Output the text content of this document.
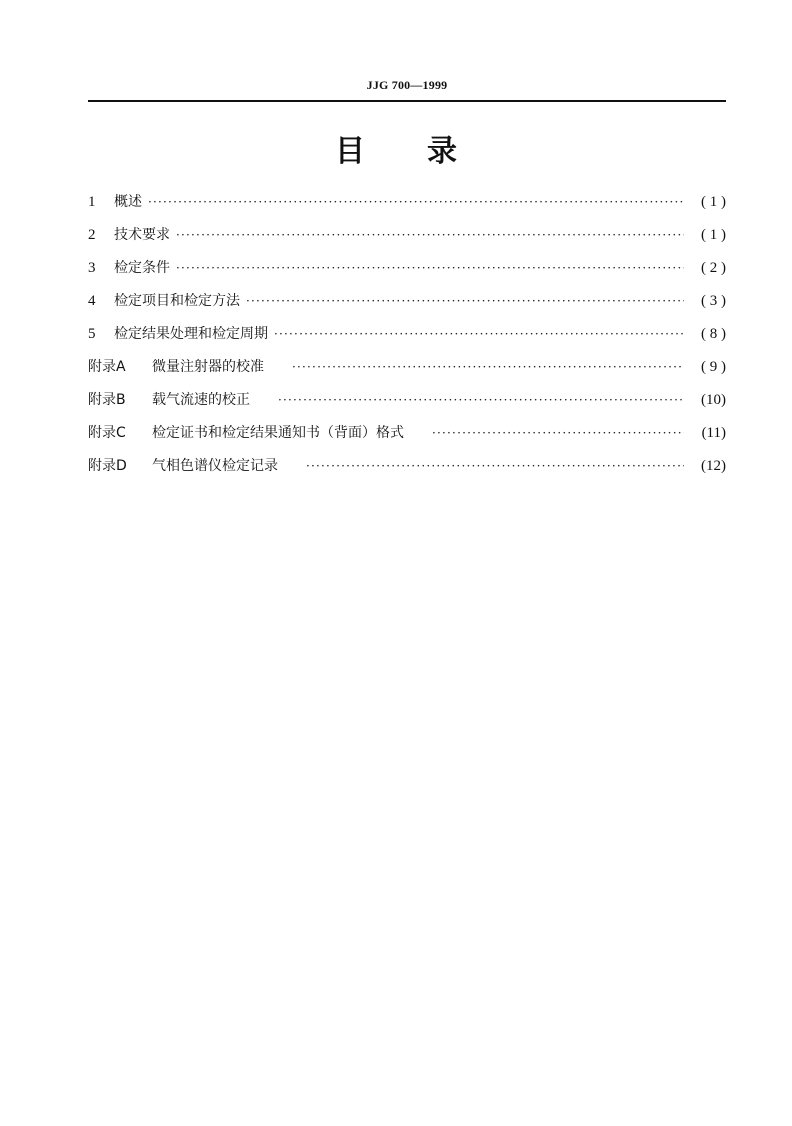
JJG 700—1999
目 录
1	概述 ·····	( 1 )
2	技术要求 ·····	( 1 )
3	检定条件 ·····	( 2 )
4	检定项目和检定方法 ·····	( 3 )
5	检定结果处理和检定周期 ·····	( 8 )
附录A	微量注射器的校准 ·····	( 9 )
附录B	载气流速的校正 ·····	(10)
附录C	检定证书和检定结果通知书（背面）格式 ·····	(11)
附录D	气相色谱仪检定记录 ·····	(12)
